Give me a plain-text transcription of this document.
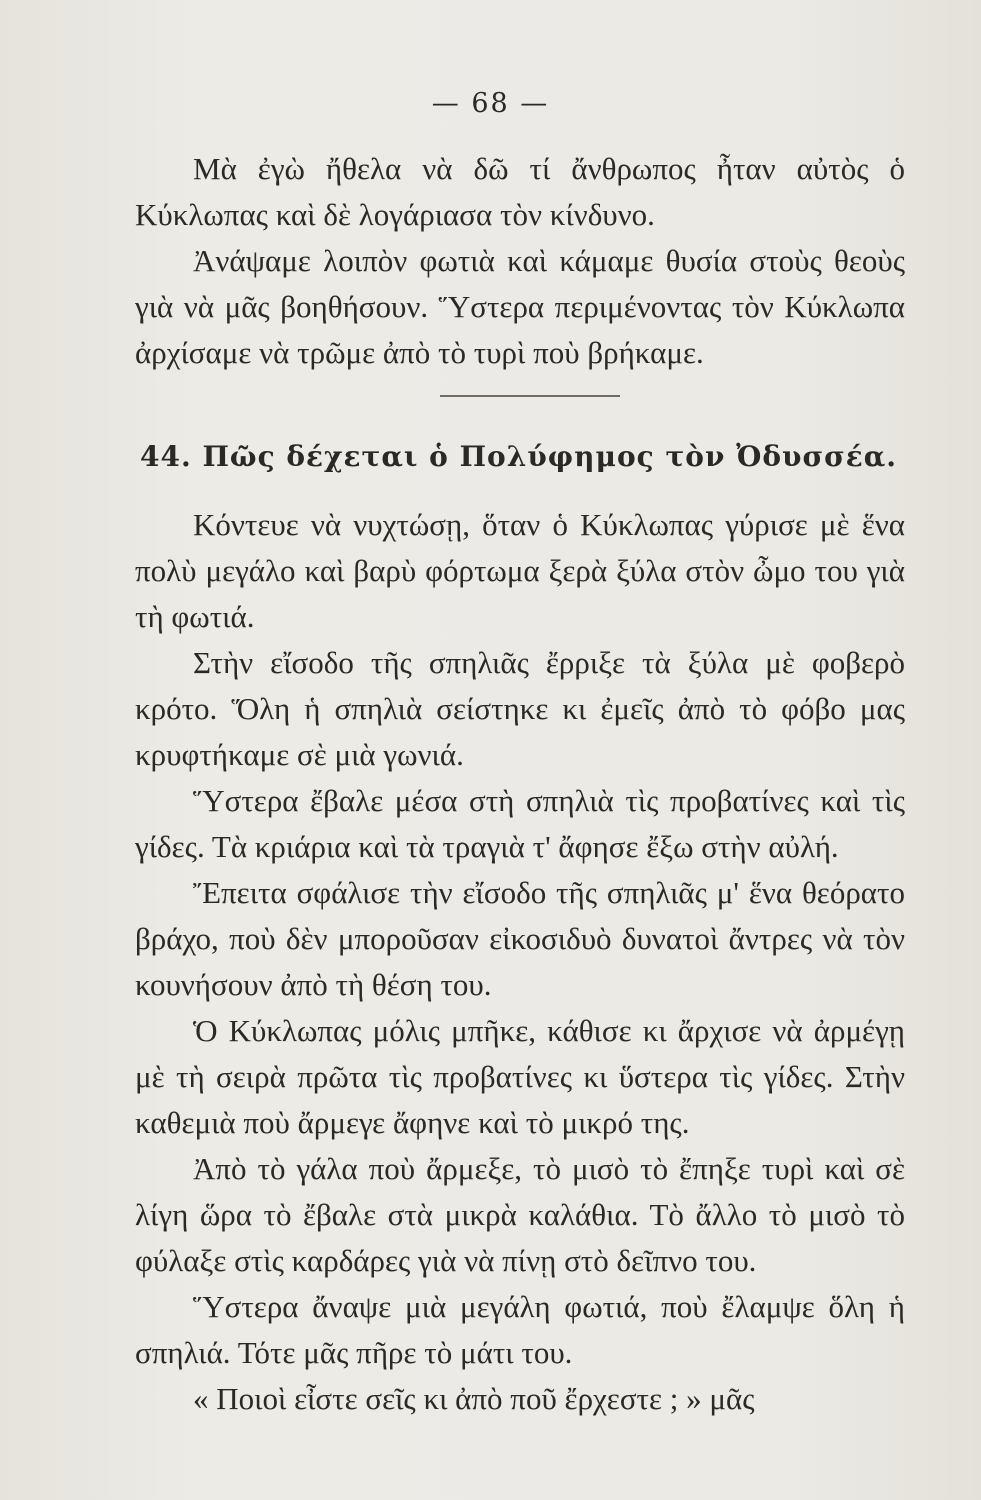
— 68 —

Μὰ ἐγὼ ἤθελα νὰ δῶ τί ἄνθρωπος ἦταν αὐτὸς ὁ Κύκλωπας καὶ δὲ λογάριασα τὸν κίνδυνο.

Ἀνάψαμε λοιπὸν φωτιὰ καὶ κάμαμε θυσία στοὺς θεοὺς γιὰ νὰ μᾶς βοηθήσουν. Ὕστερα περιμένοντας τὸν Κύκλωπα ἀρχίσαμε νὰ τρῶμε ἀπὸ τὸ τυρὶ ποὺ βρήκαμε.

44. Πῶς δέχεται ὁ Πολύφημος τὸν Ὀδυσσέα.

Κόντευε νὰ νυχτώσῃ, ὅταν ὁ Κύκλωπας γύρισε μὲ ἕνα πολὺ μεγάλο καὶ βαρὺ φόρτωμα ξερὰ ξύλα στὸν ὦμο του γιὰ τὴ φωτιά.

Στὴν εἴσοδο τῆς σπηλιᾶς ἔρριξε τὰ ξύλα μὲ φοβερὸ κρότο. Ὅλη ἡ σπηλιὰ σείστηκε κι ἐμεῖς ἀπὸ τὸ φόβο μας κρυφτήκαμε σὲ μιὰ γωνιά.

Ὕστερα ἔβαλε μέσα στὴ σπηλιὰ τὶς προβατίνες καὶ τὶς γίδες. Τὰ κριάρια καὶ τὰ τραγιὰ τ' ἄφησε ἔξω στὴν αὐλή.

Ἔπειτα σφάλισε τὴν εἴσοδο τῆς σπηλιᾶς μ' ἕνα θεόρατο βράχο, ποὺ δὲν μποροῦσαν εἰκοσιδυὸ δυνατοὶ ἄντρες νὰ τὸν κουνήσουν ἀπὸ τὴ θέση του.

Ὁ Κύκλωπας μόλις μπῆκε, κάθισε κι ἄρχισε νὰ ἀρμέγῃ μὲ τὴ σειρὰ πρῶτα τὶς προβατίνες κι ὕστερα τὶς γίδες. Στὴν καθεμιὰ ποὺ ἄρμεγε ἄφηνε καὶ τὸ μικρό της.

Ἀπὸ τὸ γάλα ποὺ ἄρμεξε, τὸ μισὸ τὸ ἔπηξε τυρὶ καὶ σὲ λίγη ὥρα τὸ ἔβαλε στὰ μικρὰ καλάθια. Τὸ ἄλλο τὸ μισὸ τὸ φύλαξε στὶς καρδάρες γιὰ νὰ πίνῃ στὸ δεῖπνο του.

Ὕστερα ἄναψε μιὰ μεγάλη φωτιά, ποὺ ἔλαμψε ὅλη ἡ σπηλιά. Τότε μᾶς πῆρε τὸ μάτι του.

« Ποιοὶ εἶστε σεῖς κι ἀπὸ ποῦ ἔρχεστε ; » μᾶς
